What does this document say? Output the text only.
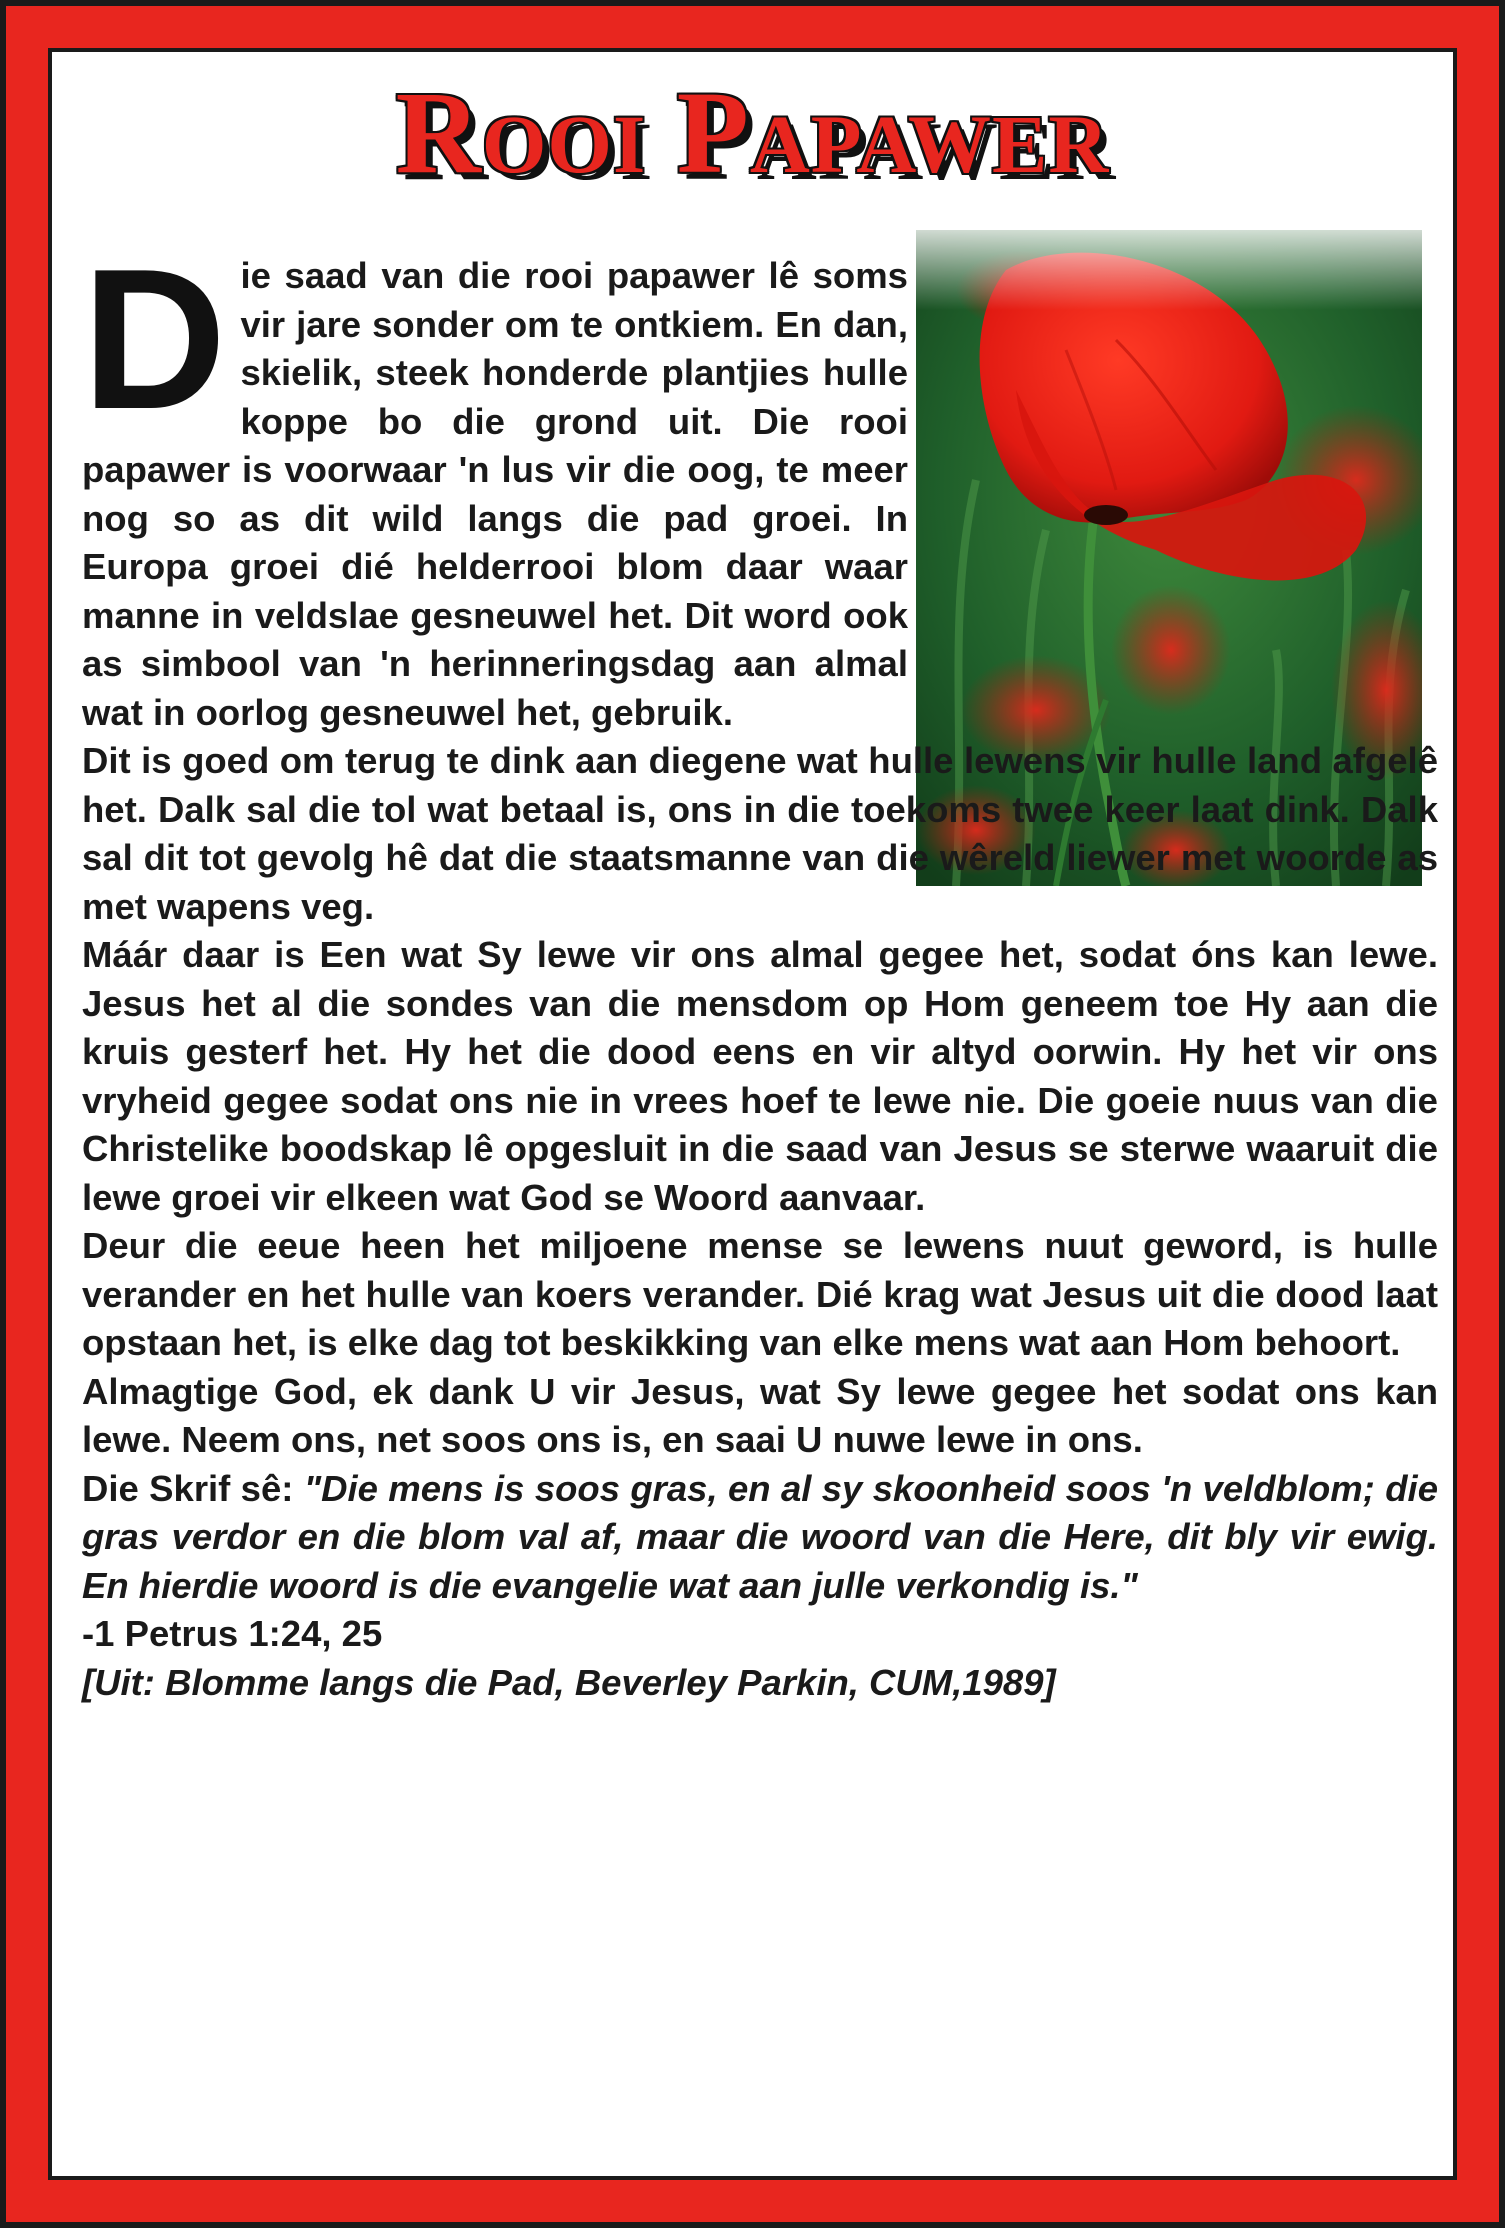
Rooi Papawer

Die saad van die rooi papawer lê soms vir jare sonder om te ontkiem. En dan, skielik, steek honderde plantjies hulle koppe bo die grond uit. Die rooi papawer is voorwaar 'n lus vir die oog, te meer nog so as dit wild langs die pad groei. In Europa groei dié helderrooi blom daar waar manne in veldslae gesneuwel het. Dit word ook as simbool van 'n herinneringsdag aan almal wat in oorlog gesneuwel het, gebruik.

Dit is goed om terug te dink aan diegene wat hulle lewens vir hulle land afgelê het. Dalk sal die tol wat betaal is, ons in die toekoms twee keer laat dink. Dalk sal dit tot gevolg hê dat die staatsmanne van die wêreld liewer met woorde as met wapens veg.

Máár daar is Een wat Sy lewe vir ons almal gegee het, sodat óns kan lewe. Jesus het al die sondes van die mensdom op Hom geneem toe Hy aan die kruis gesterf het. Hy het die dood eens en vir altyd oorwin. Hy het vir ons vryheid gegee sodat ons nie in vrees hoef te lewe nie. Die goeie nuus van die Christelike boodskap lê opgesluit in die saad van Jesus se sterwe waaruit die lewe groei vir elkeen wat God se Woord aanvaar.

Deur die eeue heen het miljoene mense se lewens nuut geword, is hulle verander en het hulle van koers verander. Dié krag wat Jesus uit die dood laat opstaan het, is elke dag tot beskikking van elke mens wat aan Hom behoort.

Almagtige God, ek dank U vir Jesus, wat Sy lewe gegee het sodat ons kan lewe. Neem ons, net soos ons is, en saai U nuwe lewe in ons.

Die Skrif sê: "Die mens is soos gras, en al sy skoonheid soos 'n veldblom; die gras verdor en die blom val af, maar die woord van die Here, dit bly vir ewig. En hierdie woord is die evangelie wat aan julle verkondig is."

-1 Petrus 1:24, 25

[Uit: Blomme langs die Pad, Beverley Parkin, CUM,1989]
